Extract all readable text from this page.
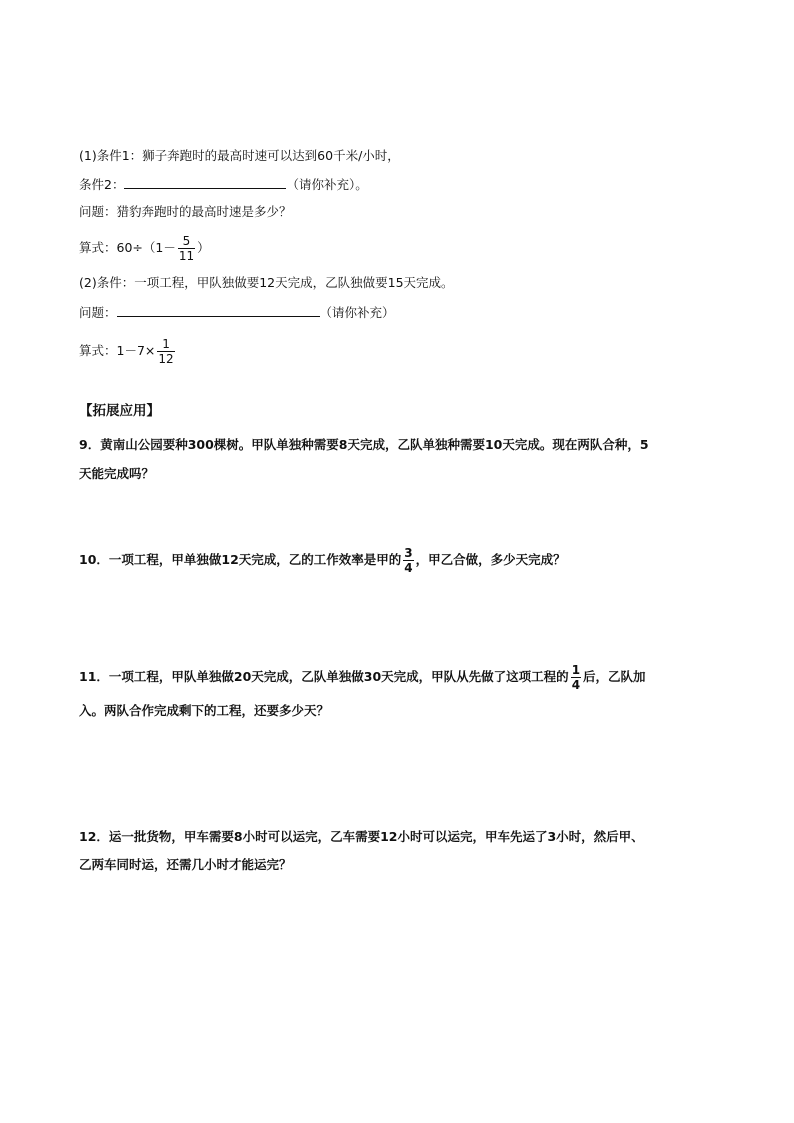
(1)条件1：狮子奔跑时的最高时速可以达到60千米/小时，
条件2：	（请你补充）。
问题：猎豹奔跑时的最高时速是多少？
算式：$60\div(1- \frac{5}{11}$ ）
(2)条件：一项工程，甲队独做要12天完成，乙队独做要15天完成。
问题：	（请你补充）
算式：$1-7\times \frac{1}{12}$
【拓展应用】
9．黄南山公园要种300棵树。甲队单独种需要8天完成，乙队单独种需要10天完成。现在两队合种，5
天能完成吗？
10．一项工程，甲单独做12天完成，乙的工作效率是甲的 $\frac{3}{4}$ ，甲乙合做，多少天完成？
11．一项工程，甲队单独做20天完成，乙队单独做30天完成，甲队从先做了这项工程的 $\frac{1}{4}$ 后，乙队加
入。两队合作完成剩下的工程，还要多少天？
12．运一批货物，甲车需要8小时可以运完，乙车需要12小时可以运完，甲车先运了3小时，然后甲、
乙两车同时运，还需几小时才能运完？
